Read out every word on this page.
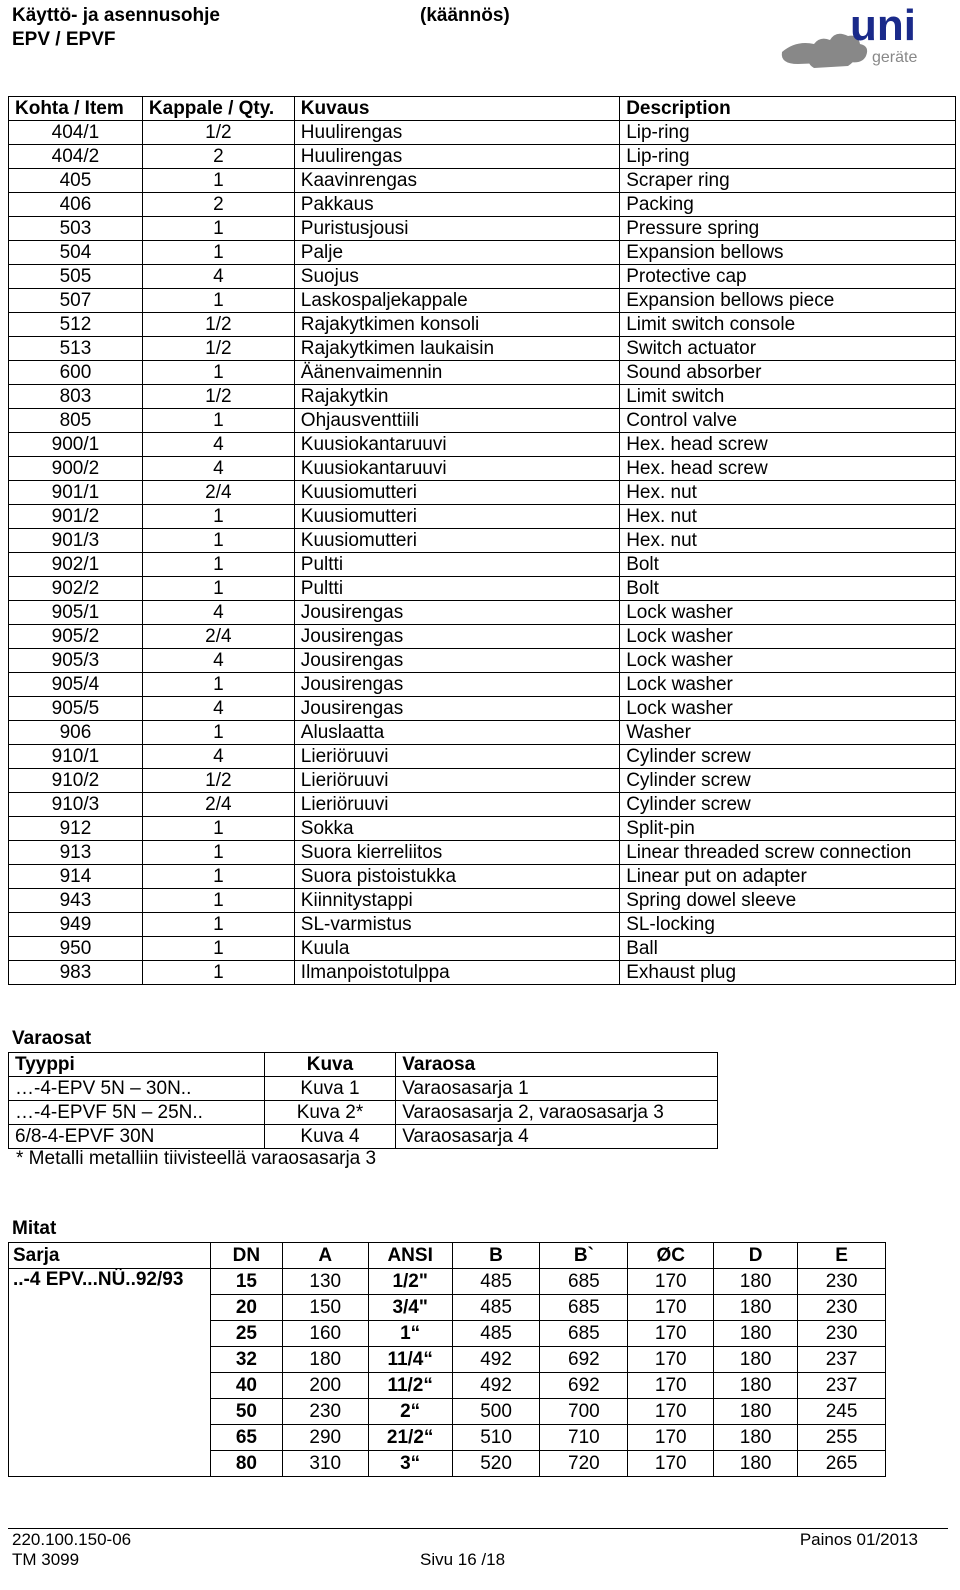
Käyttö- ja asennusohje
EPV / EPVF
(käännös)	uni
geräte
Kohta / Item	Kappale / Qty.	Kuvaus	Description
404/1	1/2	Huulirengas	Lip-ring
404/2	2	Huulirengas	Lip-ring
405	1	Kaavinrengas	Scraper ring
406	2	Pakkaus	Packing
503	1	Puristusjousi	Pressure spring
504	1	Palje	Expansion bellows
505	4	Suojus	Protective cap
507	1	Laskospaljekappale	Expansion bellows piece
512	1/2	Rajakytkimen konsoli	Limit switch console
513	1/2	Rajakytkimen laukaisin	Switch actuator
600	1	Äänenvaimennin	Sound absorber
803	1/2	Rajakytkin	Limit switch
805	1	Ohjausventtiili	Control valve
900/1	4	Kuusiokantaruuvi	Hex. head screw
900/2	4	Kuusiokantaruuvi	Hex. head screw
901/1	2/4	Kuusiomutteri	Hex. nut
901/2	1	Kuusiomutteri	Hex. nut
901/3	1	Kuusiomutteri	Hex. nut
902/1	1	Pultti	Bolt
902/2	1	Pultti	Bolt
905/1	4	Jousirengas	Lock washer
905/2	2/4	Jousirengas	Lock washer
905/3	4	Jousirengas	Lock washer
905/4	1	Jousirengas	Lock washer
905/5	4	Jousirengas	Lock washer
906	1	Aluslaatta	Washer
910/1	4	Lieriöruuvi	Cylinder screw
910/2	1/2	Lieriöruuvi	Cylinder screw
910/3	2/4	Lieriöruuvi	Cylinder screw
912	1	Sokka	Split-pin
913	1	Suora kierreliitos	Linear threaded screw connection
914	1	Suora pistoistukka	Linear put on adapter
943	1	Kiinnitystappi	Spring dowel sleeve
949	1	SL-varmistus	SL-locking
950	1	Kuula	Ball
983	1	Ilmanpoistotulppa	Exhaust plug
Varaosat
Tyyppi	Kuva	Varaosa
…-4-EPV 5N – 30N..	Kuva 1	Varaosasarja 1
…-4-EPVF 5N – 25N..	Kuva 2*	Varaosasarja 2, varaosasarja 3
6/8-4-EPVF 30N	Kuva 4	Varaosasarja 4
* Metalli metalliin tiivisteellä varaosasarja 3
Mitat
Sarja	DN	A	ANSI	B	B`	ØC	D	E
..-4 EPV...NÜ..92/93	15	130	1/2"	485	685	170	180	230
	20	150	3/4"	485	685	170	180	230
	25	160	1“	485	685	170	180	230
	32	180	11/4“	492	692	170	180	237
	40	200	11/2“	492	692	170	180	237
	50	230	2“	500	700	170	180	245
	65	290	21/2“	510	710	170	180	255
	80	310	3“	520	720	170	180	265
220.100.150-06
TM 3099	Sivu 16 /18
Painos 01/2013
